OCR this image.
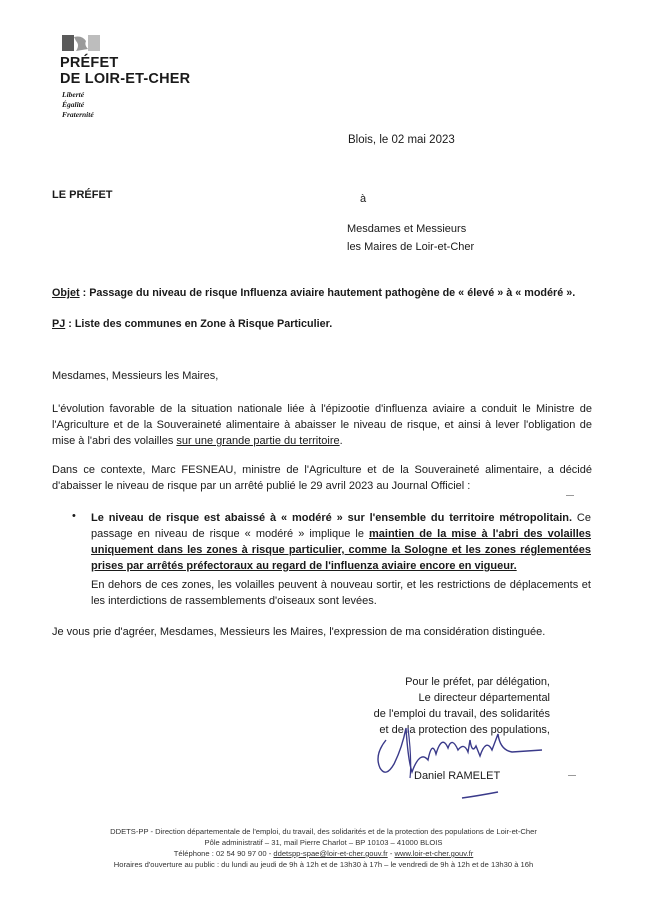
PRÉFET
DE LOIR-ET-CHER
Liberté
Égalité
Fraternité
Blois, le 02 mai 2023
LE PRÉFET	à
Mesdames et Messieurs
les Maires de Loir-et-Cher
Objet : Passage du niveau de risque Influenza aviaire hautement pathogène de « élevé » à « modéré ».
PJ : Liste des communes en Zone à Risque Particulier.
Mesdames, Messieurs les Maires,
L'évolution favorable de la situation nationale liée à l'épizootie d'influenza aviaire a conduit le Ministre de l'Agriculture et de la Souveraineté alimentaire à abaisser le niveau de risque, et ainsi à lever l'obligation de mise à l'abri des volailles sur une grande partie du territoire.
Dans ce contexte, Marc FESNEAU, ministre de l'Agriculture et de la Souveraineté alimentaire, a décidé d'abaisser le niveau de risque par un arrêté publié le 29 avril 2023 au Journal Officiel :
• Le niveau de risque est abaissé à « modéré » sur l'ensemble du territoire métropolitain. Ce passage en niveau de risque « modéré » implique le maintien de la mise à l'abri des volailles uniquement dans les zones à risque particulier, comme la Sologne et les zones réglementées prises par arrêtés préfectoraux au regard de l'influenza aviaire encore en vigueur.
En dehors de ces zones, les volailles peuvent à nouveau sortir, et les restrictions de déplacements et les interdictions de rassemblements d'oiseaux sont levées.
Je vous prie d'agréer, Mesdames, Messieurs les Maires, l'expression de ma considération distinguée.
Pour le préfet, par délégation,
Le directeur départemental
de l'emploi du travail, des solidarités
et de la protection des populations,
Daniel RAMELET
DDETS-PP - Direction départementale de l'emploi, du travail, des solidarités et de la protection des populations de Loir-et-Cher
Pôle administratif – 31, mail Pierre Charlot – BP 10103 – 41000 BLOIS
Téléphone : 02 54 90 97 00 - ddetspp-spae@loir-et-cher.gouv.fr - www.loir-et-cher.gouv.fr
Horaires d'ouverture au public : du lundi au jeudi de 9h à 12h et de 13h30 à 17h – le vendredi de 9h à 12h et de 13h30 à 16h
